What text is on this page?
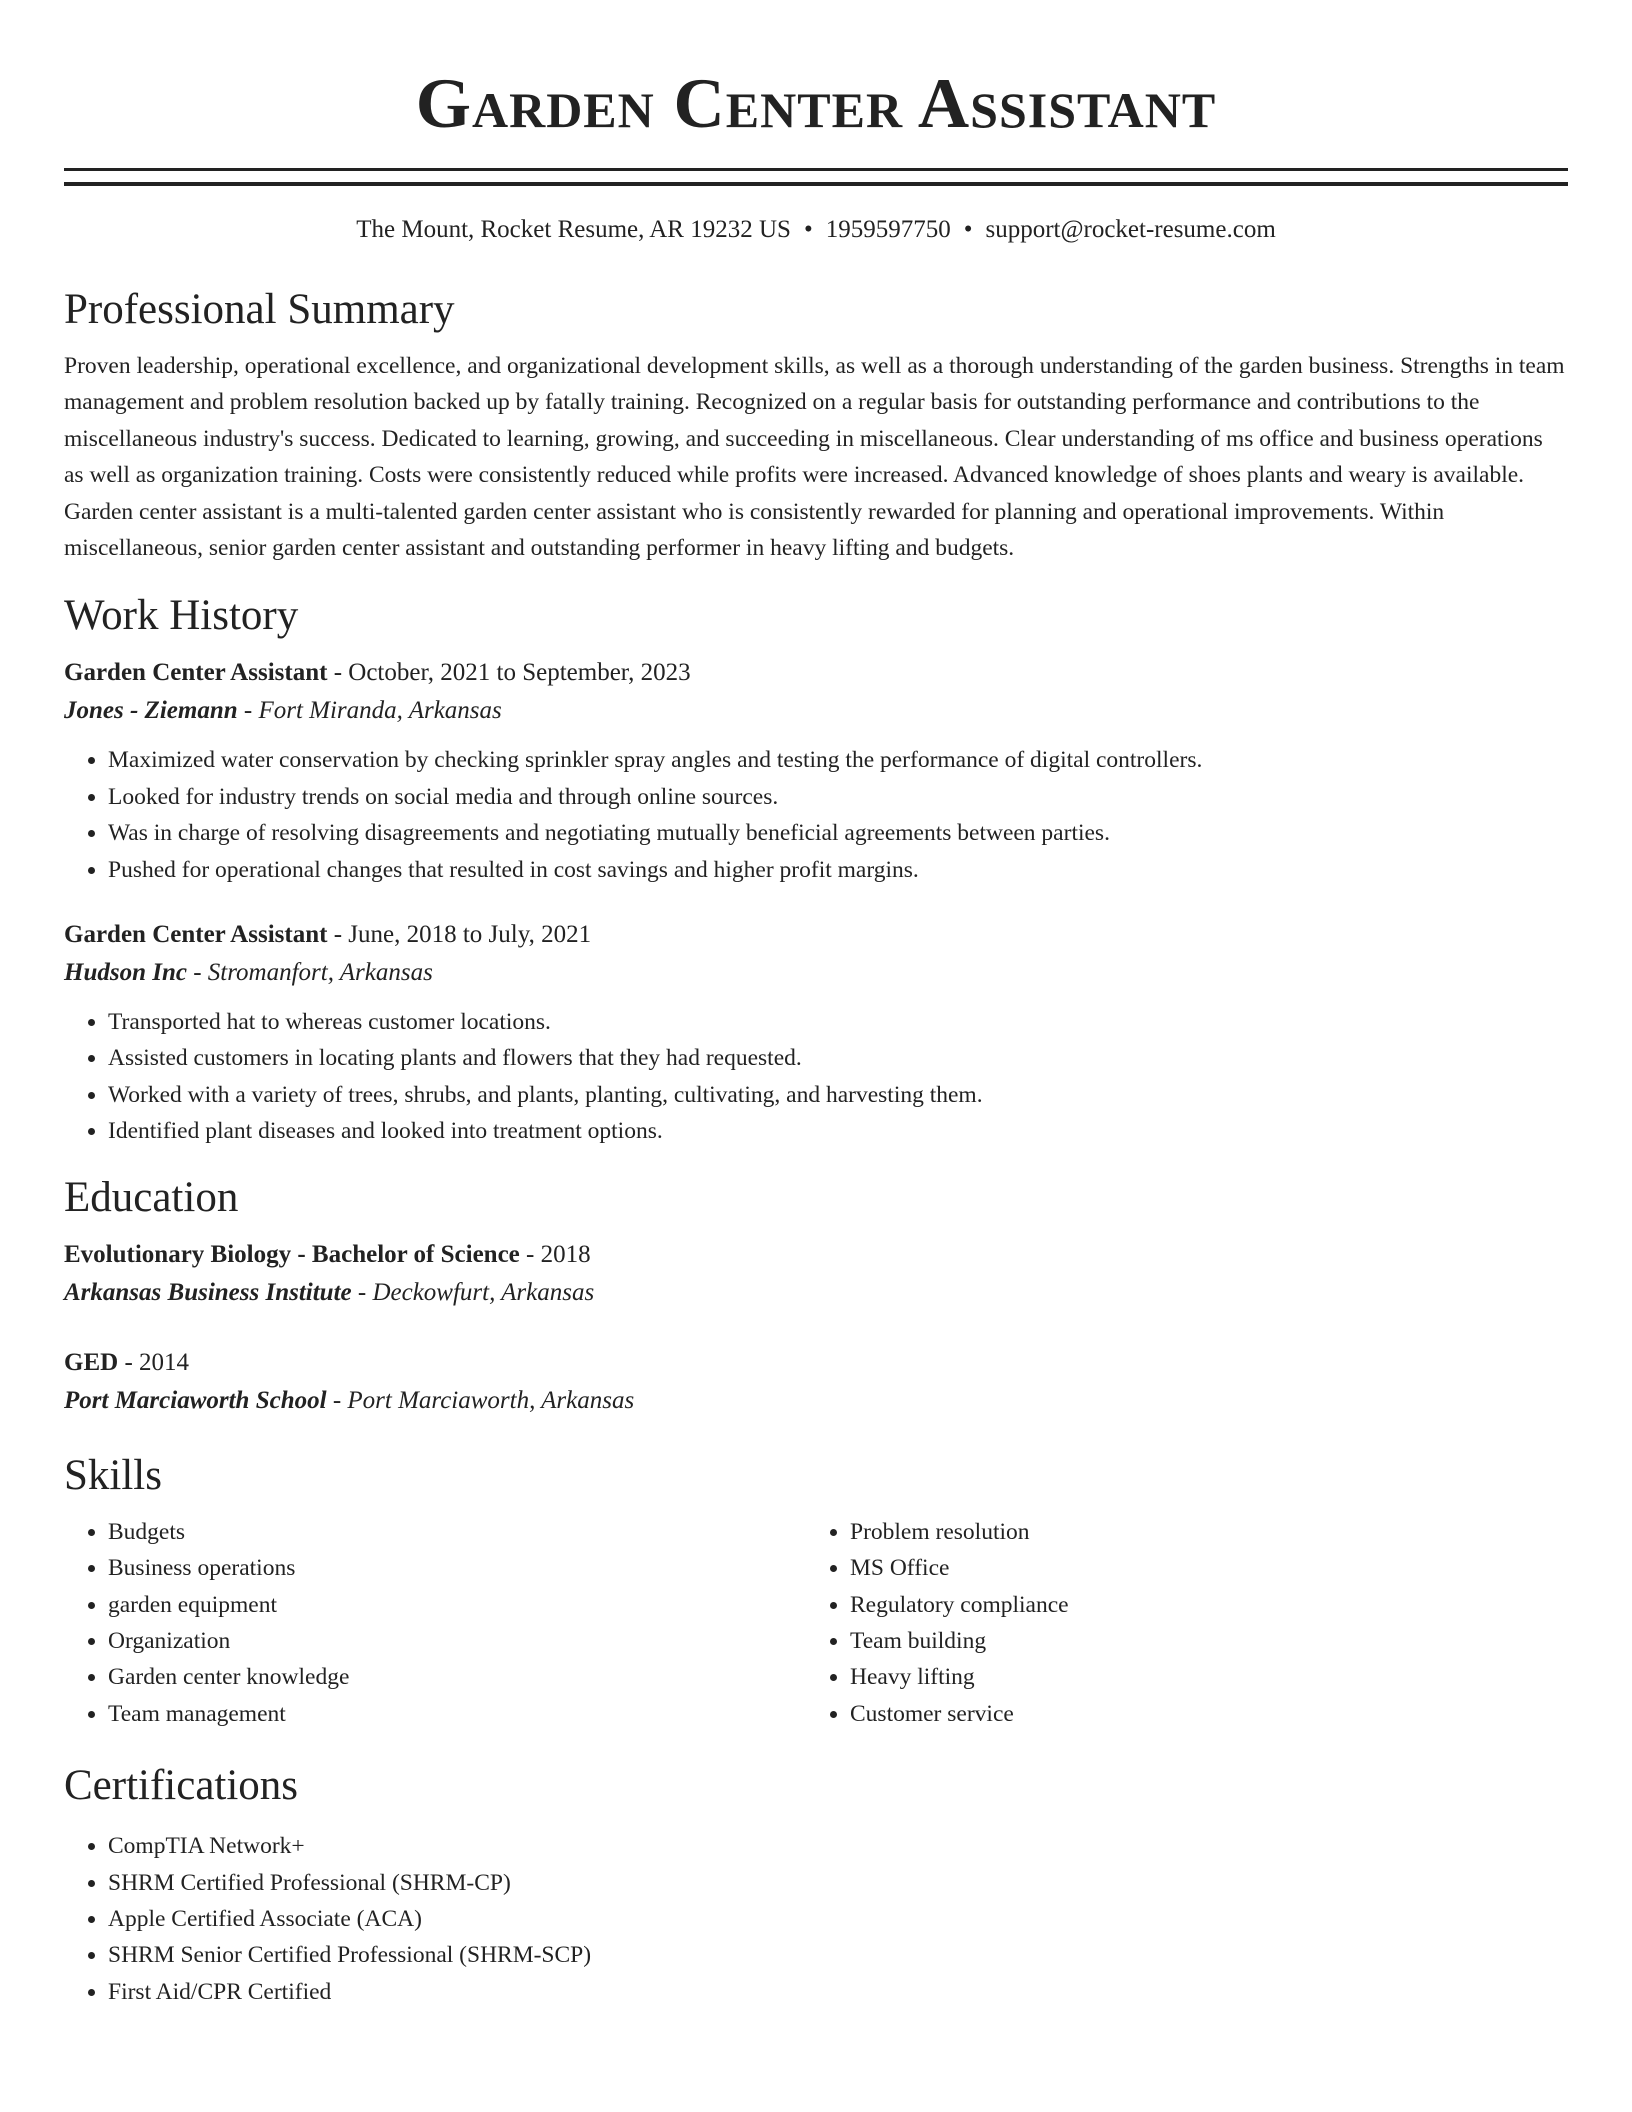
Garden Center Assistant
The Mount, Rocket Resume, AR 19232 US • 1959597750 • support@rocket-resume.com
Professional Summary

Proven leadership, operational excellence, and organizational development skills, as well as a thorough understanding of the garden business. Strengths in team management and problem resolution backed up by fatally training. Recognized on a regular basis for outstanding performance and contributions to the miscellaneous industry's success. Dedicated to learning, growing, and succeeding in miscellaneous. Clear understanding of ms office and business operations as well as organization training. Costs were consistently reduced while profits were increased. Advanced knowledge of shoes plants and weary is available. Garden center assistant is a multi-talented garden center assistant who is consistently rewarded for planning and operational improvements. Within miscellaneous, senior garden center assistant and outstanding performer in heavy lifting and budgets.

Work History
Garden Center Assistant - October, 2021 to September, 2023
Jones - Ziemann - Fort Miranda, Arkansas
• Maximized water conservation by checking sprinkler spray angles and testing the performance of digital controllers.
• Looked for industry trends on social media and through online sources.
• Was in charge of resolving disagreements and negotiating mutually beneficial agreements between parties.
• Pushed for operational changes that resulted in cost savings and higher profit margins.
Garden Center Assistant - June, 2018 to July, 2021
Hudson Inc - Stromanfort, Arkansas
• Transported hat to whereas customer locations.
• Assisted customers in locating plants and flowers that they had requested.
• Worked with a variety of trees, shrubs, and plants, planting, cultivating, and harvesting them.
• Identified plant diseases and looked into treatment options.
Education
Evolutionary Biology - Bachelor of Science - 2018
Arkansas Business Institute - Deckowfurt, Arkansas
GED - 2014
Port Marciaworth School - Port Marciaworth, Arkansas
Skills
• Budgets
• Business operations
• garden equipment
• Organization
• Garden center knowledge
• Team management
• Problem resolution
• MS Office
• Regulatory compliance
• Team building
• Heavy lifting
• Customer service
Certifications
• CompTIA Network+
• SHRM Certified Professional (SHRM-CP)
• Apple Certified Associate (ACA)
• SHRM Senior Certified Professional (SHRM-SCP)
• First Aid/CPR Certified
